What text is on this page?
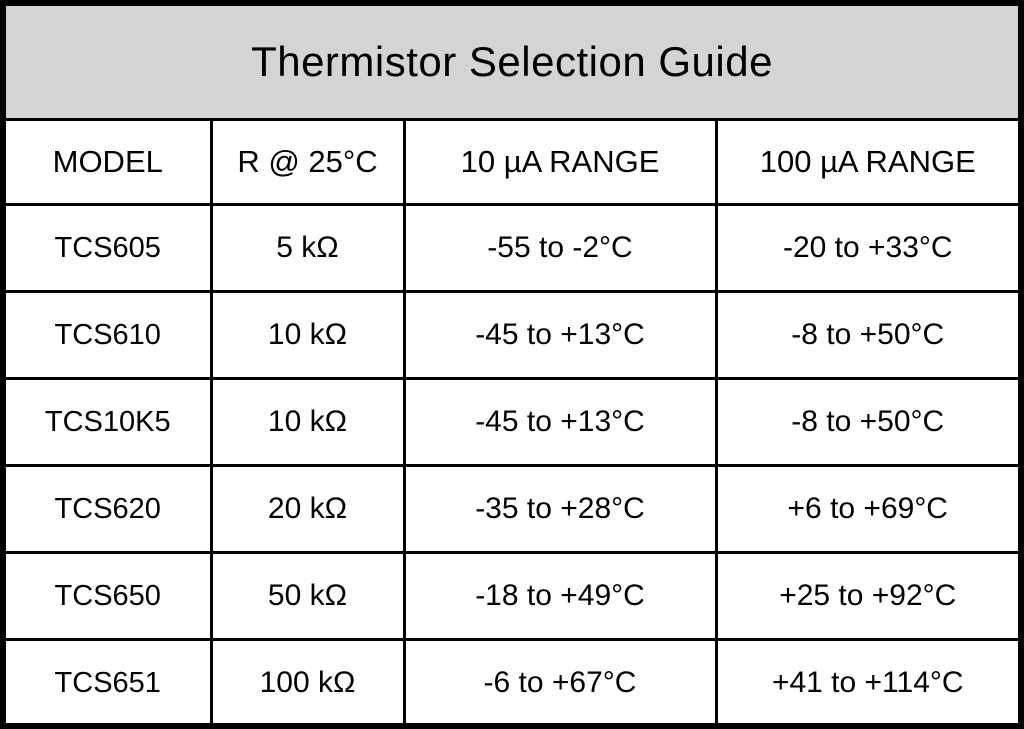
Thermistor Selection Guide			
MODEL	R @ 25°C	10 µA RANGE	100 µA RANGE
TCS605	5 kΩ	-55 to -2°C	-20 to +33°C
TCS610	10 kΩ	-45 to +13°C	-8 to +50°C
TCS10K5	10 kΩ	-45 to +13°C	-8 to +50°C
TCS620	20 kΩ	-35 to +28°C	+6 to +69°C
TCS650	50 kΩ	-18 to +49°C	+25 to +92°C
TCS651	100 kΩ	-6 to +67°C	+41 to +114°C
